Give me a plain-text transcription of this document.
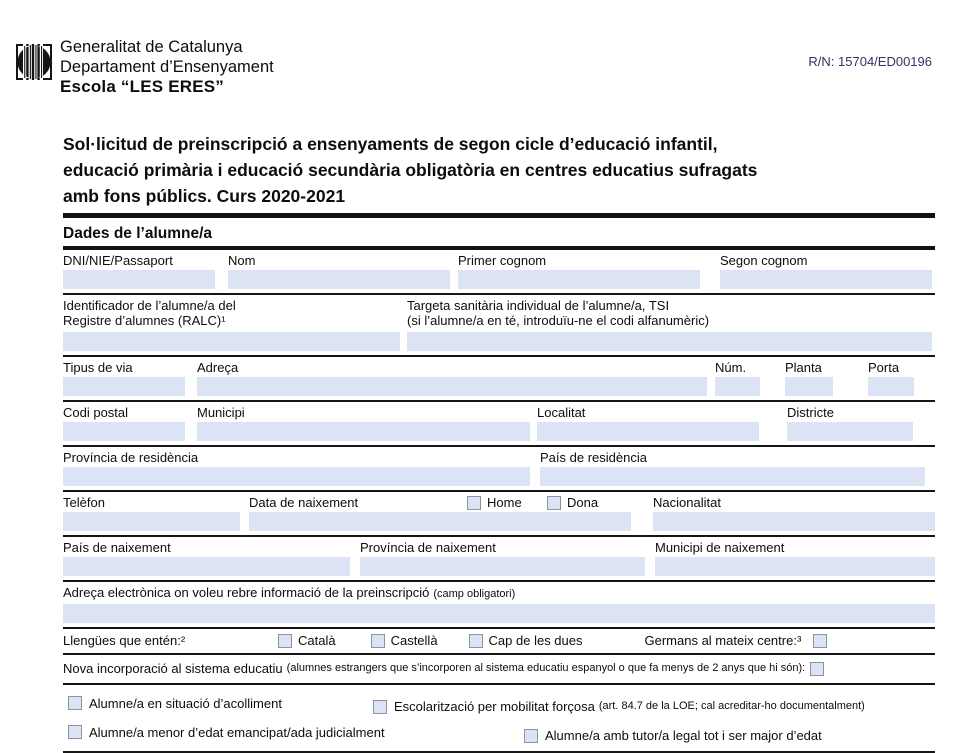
Generalitat de Catalunya
Departament d’Ensenyament
Escola “LES ERES”
R/N: 15704/ED00196
Sol·licitud de preinscripció a ensenyaments de segon cicle d’educació infantil,
educació primària i educació secundària obligatòria en centres educatius sufragats
amb fons públics. Curs 2020-2021
Dades de l’alumne/a
DNI/NIE/Passaport	Nom	Primer cognom	Segon cognom
Identificador de l’alumne/a del
Registre d’alumnes (RALC)¹
Targeta sanitària individual de l’alumne/a, TSI
(si l’alumne/a en té, introduïu-ne el codi alfanumèric)
Tipus de via	Adreça	Núm.	Planta	Porta
Codi postal	Municipi	Localitat	Districte
Província de residència	País de residència
Telèfon	Data de naixement	Home	Dona	Nacionalitat
País de naixement	Província de naixement	Municipi de naixement
Adreça electrònica on voleu rebre informació de la preinscripció (camp obligatori)
Llengües que entén:²	Català	Castellà	Cap de les dues	Germans al mateix centre:³
Nova incorporació al sistema educatiu (alumnes estrangers que s’incorporen al sistema educatiu espanyol o que fa menys de 2 anys que hi són):
Alumne/a en situació d’acolliment	Escolarització per mobilitat forçosa (art. 84.7 de la LOE; cal acreditar-ho documentalment)
Alumne/a menor d’edat emancipat/ada judicialment	Alumne/a amb tutor/a legal tot i ser major d’edat
